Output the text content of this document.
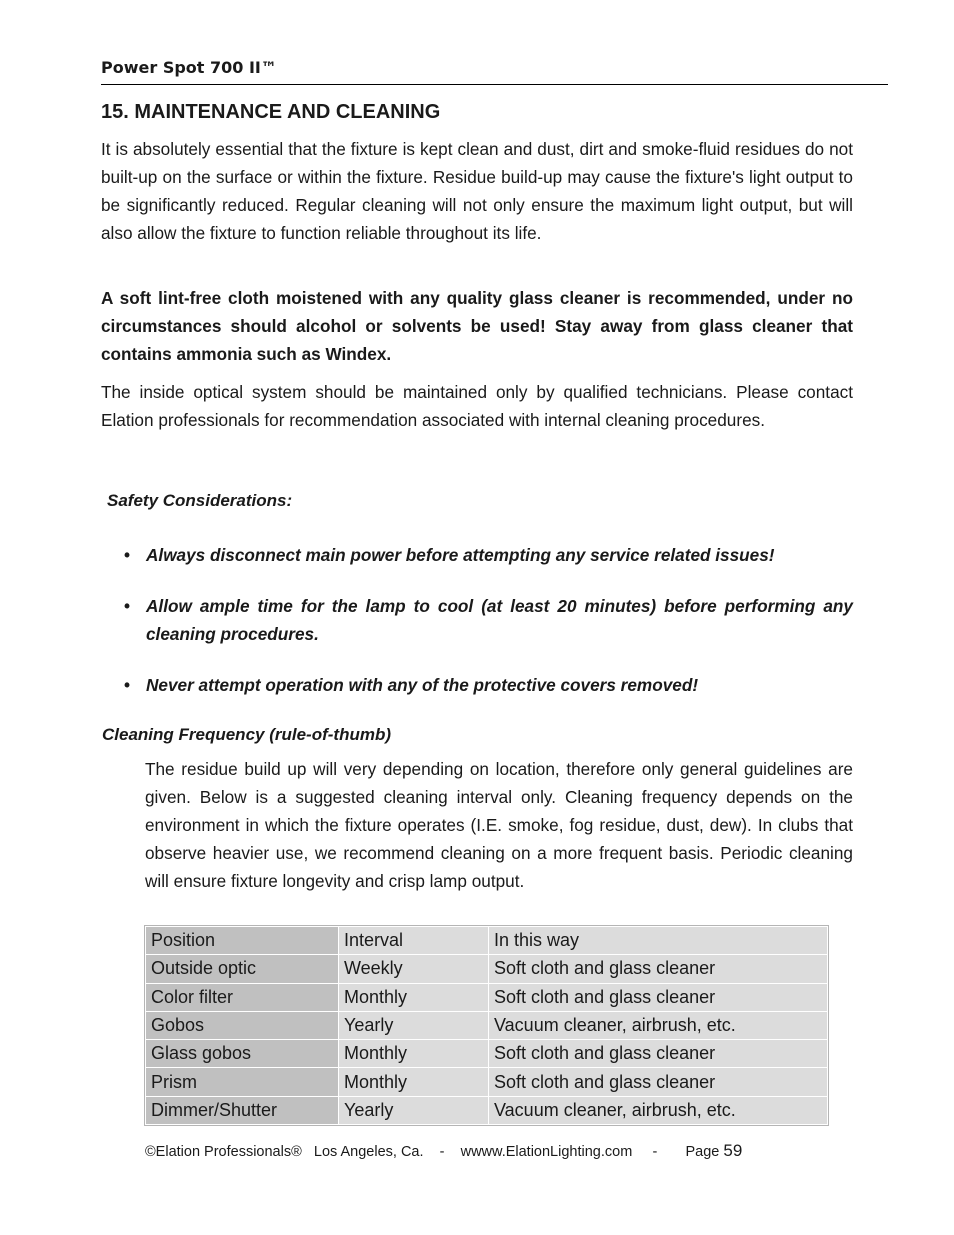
Power Spot 700 II™
15. MAINTENANCE AND CLEANING
It is absolutely essential that the fixture is kept clean and dust, dirt and smoke-fluid residues do not built-up on the surface or within the fixture. Residue build-up may cause the fixture's light output to be significantly reduced. Regular cleaning will not only ensure the maximum light output, but will also allow the fixture to function reliable throughout its life.
A soft lint-free cloth moistened with any quality glass cleaner is recommended, under no circumstances should alcohol or solvents be used! Stay away from glass cleaner that contains ammonia such as Windex.
The inside optical system should be maintained only by qualified technicians. Please contact Elation professionals for recommendation associated with internal cleaning procedures.
Safety Considerations:
• Always disconnect main power before attempting any service related issues!
• Allow ample time for the lamp to cool (at least 20 minutes) before performing any cleaning procedures.
• Never attempt operation with any of the protective covers removed!
Cleaning Frequency (rule-of-thumb)
The residue build up will very depending on location, therefore only general guidelines are given. Below is a suggested cleaning interval only. Cleaning frequency depends on the environment in which the fixture operates (I.E. smoke, fog residue, dust, dew). In clubs that observe heavier use, we recommend cleaning on a more frequent basis. Periodic cleaning will ensure fixture longevity and crisp lamp output.
Position	Interval	In this way
Outside optic	Weekly	Soft cloth and glass cleaner
Color filter	Monthly	Soft cloth and glass cleaner
Gobos	Yearly	Vacuum cleaner, airbrush, etc.
Glass gobos	Monthly	Soft cloth and glass cleaner
Prism	Monthly	Soft cloth and glass cleaner
Dimmer/Shutter	Yearly	Vacuum cleaner, airbrush, etc.
©Elation Professionals® Los Angeles, Ca. - wwww.ElationLighting.com - Page 59
